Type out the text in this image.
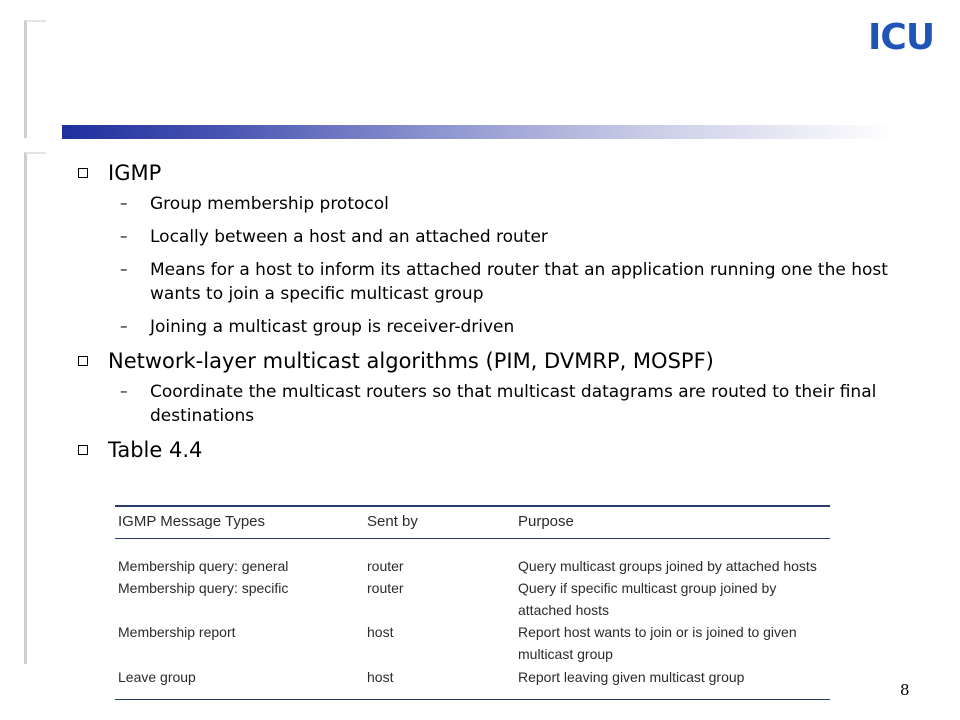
ICU
IGMP
–	Group membership protocol
–	Locally between a host and an attached router
–	Means for a host to inform its attached router that an application running one the host wants to join a specific multicast group
–	Joining a multicast group is receiver-driven
Network-layer multicast algorithms (PIM, DVMRP, MOSPF)
–	Coordinate the multicast routers so that multicast datagrams are routed to their final destinations
Table 4.4
IGMP Message Types	Sent by	Purpose
Membership query: general	router	Query multicast groups joined by attached hosts
Membership query: specific	router	Query if specific multicast group joined by attached hosts
Membership report	host	Report host wants to join or is joined to given multicast group
Leave group	host	Report leaving given multicast group
8
